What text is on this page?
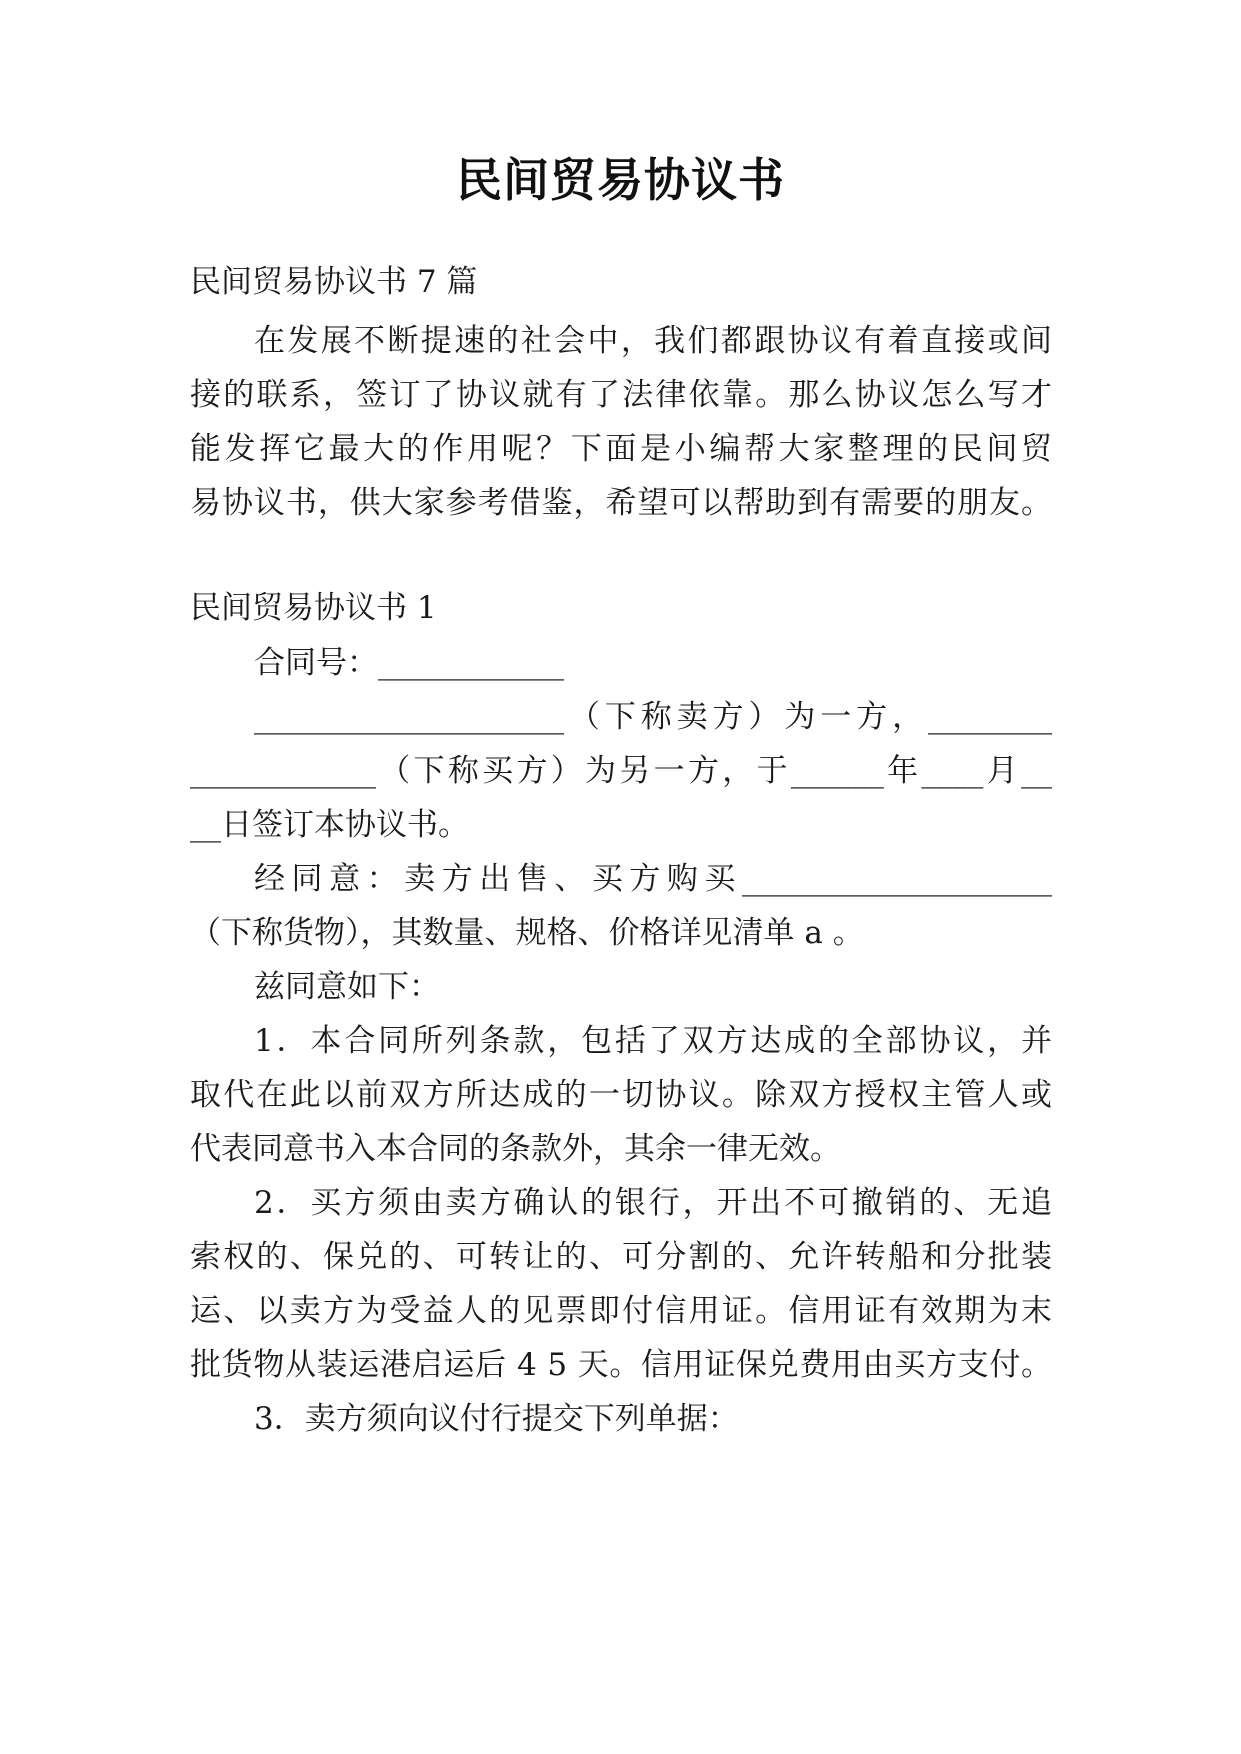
民间贸易协议书
民间贸易协议书 7 篇
在发展不断提速的社会中，我们都跟协议有着直接或间
接的联系，签订了协议就有了法律依靠。那么协议怎么写才
能发挥它最大的作用呢？下面是小编帮大家整理的民间贸
易协议书，供大家参考借鉴，希望可以帮助到有需要的朋友。
民间贸易协议书 1
合同号：____________
____________________（下称卖方）为一方，________
____________（下称买方）为另一方，于______年____月__
__日签订本协议书。
经同意：卖方出售、买方购买____________________
（下称货物），其数量、规格、价格详见清单 a 。
兹同意如下：
1．本合同所列条款，包括了双方达成的全部协议，并
取代在此以前双方所达成的一切协议。除双方授权主管人或
代表同意书入本合同的条款外，其余一律无效。
2．买方须由卖方确认的银行，开出不可撤销的、无追
索权的、保兑的、可转让的、可分割的、允许转船和分批装
运、以卖方为受益人的见票即付信用证。信用证有效期为末
批货物从装运港启运后 4 5 天。信用证保兑费用由买方支付。
3．卖方须向议付行提交下列单据：
